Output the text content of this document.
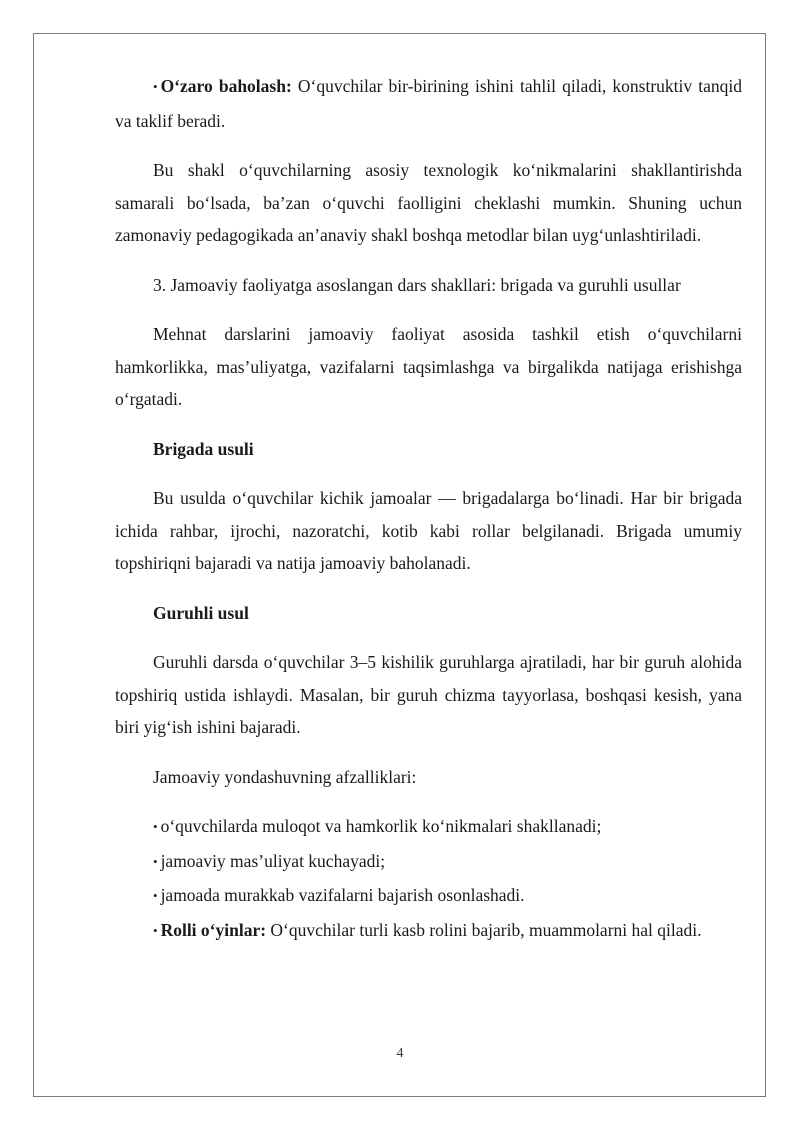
• O‘zaro baholash: O‘quvchilar bir-birining ishini tahlil qiladi, konstruktiv tanqid va taklif beradi.

Bu shakl o‘quvchilarning asosiy texnologik ko‘nikmalarini shakllantirishda samarali bo‘lsada, ba’zan o‘quvchi faolligini cheklashi mumkin. Shuning uchun zamonaviy pedagogikada an’anaviy shakl boshqa metodlar bilan uyg‘unlashtiriladi.

3. Jamoaviy faoliyatga asoslangan dars shakllari: brigada va guruhli usullar

Mehnat darslarini jamoaviy faoliyat asosida tashkil etish o‘quvchilarni hamkorlikka, mas’uliyatga, vazifalarni taqsimlashga va birgalikda natijaga erishishga o‘rgatadi.

Brigada usuli

Bu usulda o‘quvchilar kichik jamoalar — brigadalarga bo‘linadi. Har bir brigada ichida rahbar, ijrochi, nazoratchi, kotib kabi rollar belgilanadi. Brigada umumiy topshiriqni bajaradi va natija jamoaviy baholanadi.

Guruhli usul

Guruhli darsda o‘quvchilar 3–5 kishilik guruhlarga ajratiladi, har bir guruh alohida topshiriq ustida ishlaydi. Masalan, bir guruh chizma tayyorlasa, boshqasi kesish, yana biri yig‘ish ishini bajaradi.

Jamoaviy yondashuvning afzalliklari:

• o‘quvchilarda muloqot va hamkorlik ko‘nikmalari shakllanadi;

• jamoaviy mas’uliyat kuchayadi;

• jamoada murakkab vazifalarni bajarish osonlashadi.

• Rolli o‘yinlar: O‘quvchilar turli kasb rolini bajarib, muammolarni hal qiladi.

4
